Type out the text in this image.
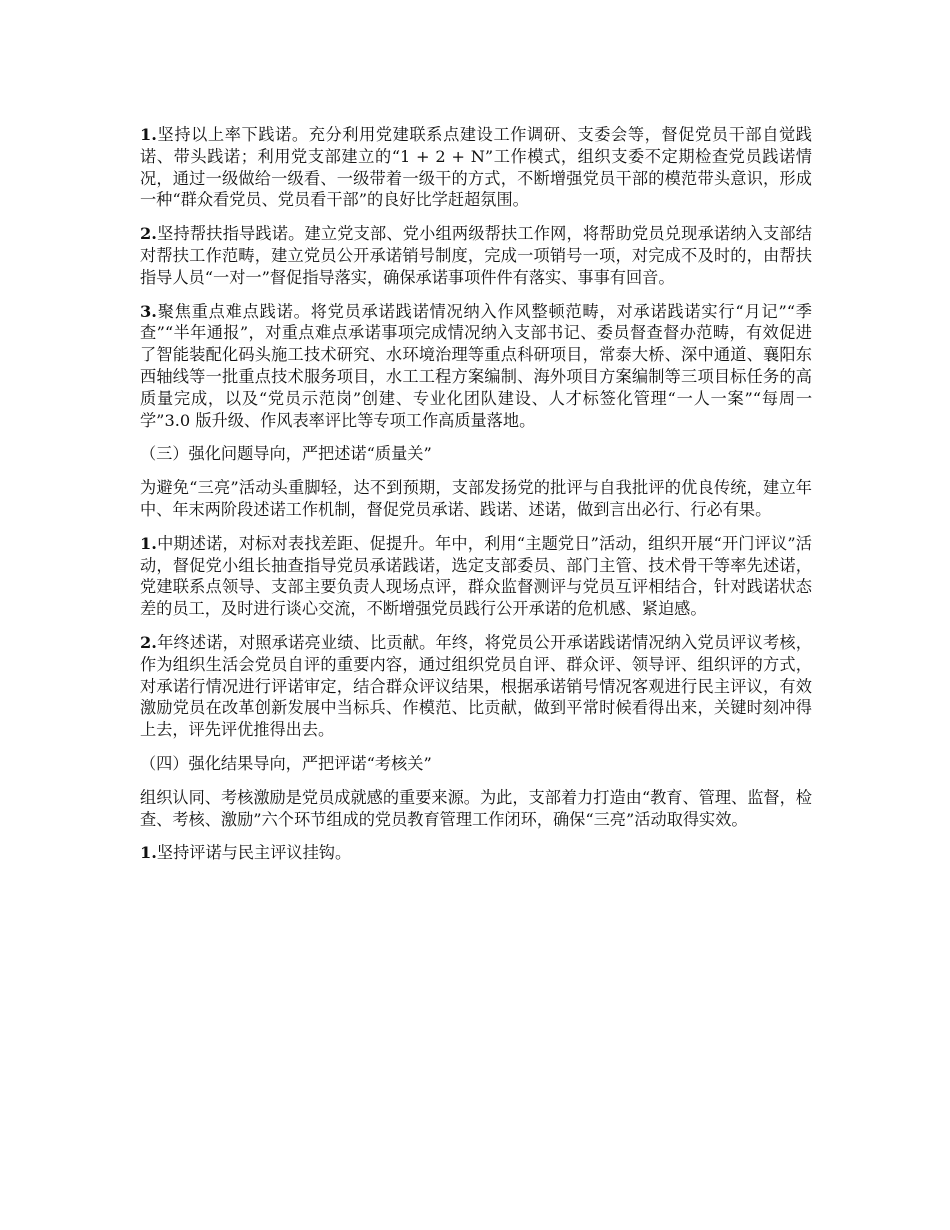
1.坚持以上率下践诺。充分利用党建联系点建设工作调研、支委会等，督促党员干部自觉践诺、带头践诺；利用党支部建立的“1 + 2 + N”工作模式，组织支委不定期检查党员践诺情况，通过一级做给一级看、一级带着一级干的方式，不断增强党员干部的模范带头意识，形成一种“群众看党员、党员看干部”的良好比学赶超氛围。

2.坚持帮扶指导践诺。建立党支部、党小组两级帮扶工作网，将帮助党员兑现承诺纳入支部结对帮扶工作范畴，建立党员公开承诺销号制度，完成一项销号一项，对完成不及时的，由帮扶指导人员“一对一”督促指导落实，确保承诺事项件件有落实、事事有回音。

3.聚焦重点难点践诺。将党员承诺践诺情况纳入作风整顿范畴，对承诺践诺实行“月记”“季查”“半年通报”，对重点难点承诺事项完成情况纳入支部书记、委员督查督办范畴，有效促进了智能装配化码头施工技术研究、水环境治理等重点科研项目，常泰大桥、深中通道、襄阳东西轴线等一批重点技术服务项目，水工工程方案编制、海外项目方案编制等三项目标任务的高质量完成，以及“党员示范岗”创建、专业化团队建设、人才标签化管理“一人一案”“每周一学”3.0 版升级、作风表率评比等专项工作高质量落地。

（三）强化问题导向，严把述诺“质量关”

为避免“三亮”活动头重脚轻，达不到预期，支部发扬党的批评与自我批评的优良传统，建立年中、年末两阶段述诺工作机制，督促党员承诺、践诺、述诺，做到言出必行、行必有果。

1.中期述诺，对标对表找差距、促提升。年中，利用“主题党日”活动，组织开展“开门评议”活动，督促党小组长抽查指导党员承诺践诺，选定支部委员、部门主管、技术骨干等率先述诺，党建联系点领导、支部主要负责人现场点评，群众监督测评与党员互评相结合，针对践诺状态差的员工，及时进行谈心交流，不断增强党员践行公开承诺的危机感、紧迫感。

2.年终述诺，对照承诺亮业绩、比贡献。年终，将党员公开承诺践诺情况纳入党员评议考核，作为组织生活会党员自评的重要内容，通过组织党员自评、群众评、领导评、组织评的方式，对承诺行情况进行评诺审定，结合群众评议结果，根据承诺销号情况客观进行民主评议，有效激励党员在改革创新发展中当标兵、作模范、比贡献，做到平常时候看得出来，关键时刻冲得上去，评先评优推得出去。

（四）强化结果导向，严把评诺“考核关”

组织认同、考核激励是党员成就感的重要来源。为此，支部着力打造由“教育、管理、监督，检查、考核、激励”六个环节组成的党员教育管理工作闭环，确保“三亮”活动取得实效。

1.坚持评诺与民主评议挂钩。
